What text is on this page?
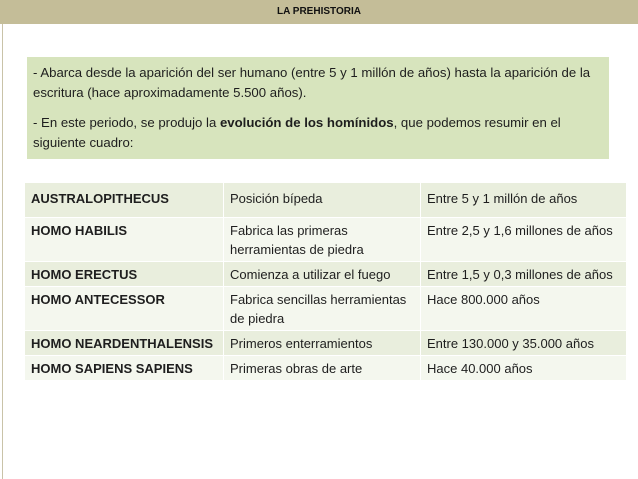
LA PREHISTORIA

- Abarca desde la aparición del ser humano (entre 5 y 1 millón de años) hasta la aparición de la escritura (hace aproximadamente 5.500 años).

- En este periodo, se produjo la evolución de los homínidos, que podemos resumir en el siguiente cuadro:

AUSTRALOPITHECUS	Posición bípeda	Entre 5 y 1 millón de años
HOMO HABILIS	Fabrica las primeras herramientas de piedra	Entre 2,5 y 1,6 millones de años
HOMO ERECTUS	Comienza a utilizar el fuego	Entre 1,5 y 0,3 millones de años
HOMO ANTECESSOR	Fabrica sencillas herramientas de piedra	Hace 800.000 años
HOMO NEARDENTHALENSIS	Primeros enterramientos	Entre 130.000 y 35.000 años
HOMO SAPIENS SAPIENS	Primeras obras de arte	Hace 40.000 años
